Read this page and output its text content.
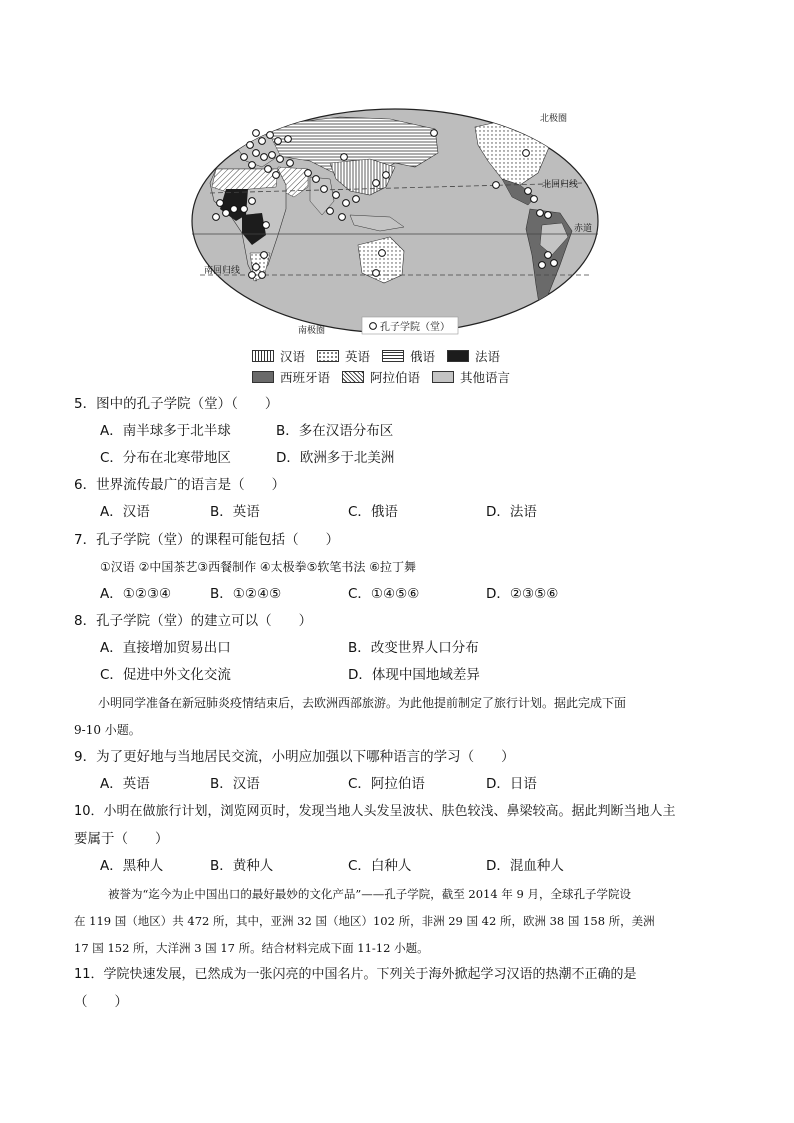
北极圈
北回归线
赤道
南回归线
南极圈	孔子学院（堂）
汉语	英语	俄语	法语
西班牙语	阿拉伯语	其他语言
5．图中的孔子学院（堂）（　　）
A．南半球多于北半球	B．多在汉语分布区
C．分布在北寒带地区	D．欧洲多于北美洲
6．世界流传最广的语言是（　　）
A．汉语	B．英语	C．俄语	D．法语
7．孔子学院（堂）的课程可能包括（　　）
①汉语 ②中国茶艺③西餐制作 ④太极拳⑤软笔书法 ⑥拉丁舞
A．①②③④	B．①②④⑤	C．①④⑤⑥	D．②③⑤⑥
8．孔子学院（堂）的建立可以（　　）
A．直接增加贸易出口	B．改变世界人口分布
C．促进中外文化交流	D．体现中国地域差异
小明同学准备在新冠肺炎疫情结束后，去欧洲西部旅游。为此他提前制定了旅行计划。据此完成下面
9-10 小题。
9．为了更好地与当地居民交流，小明应加强以下哪种语言的学习（　　）
A．英语	B．汉语	C．阿拉伯语	D．日语
10．小明在做旅行计划，浏览网页时，发现当地人头发呈波状、肤色较浅、鼻梁较高。据此判断当地人主
要属于（　　）
A．黑种人	B．黄种人	C．白种人	D．混血种人
被誉为“迄今为止中国出口的最好最妙的文化产品”——孔子学院，截至 2014 年 9 月，全球孔子学院设
在 119 国（地区）共 472 所，其中，亚洲 32 国（地区）102 所，非洲 29 国 42 所，欧洲 38 国 158 所，美洲
17 国 152 所，大洋洲 3 国 17 所。结合材料完成下面 11-12 小题。
11．学院快速发展，已然成为一张闪亮的中国名片。下列关于海外掀起学习汉语的热潮不正确的是
（　　）
